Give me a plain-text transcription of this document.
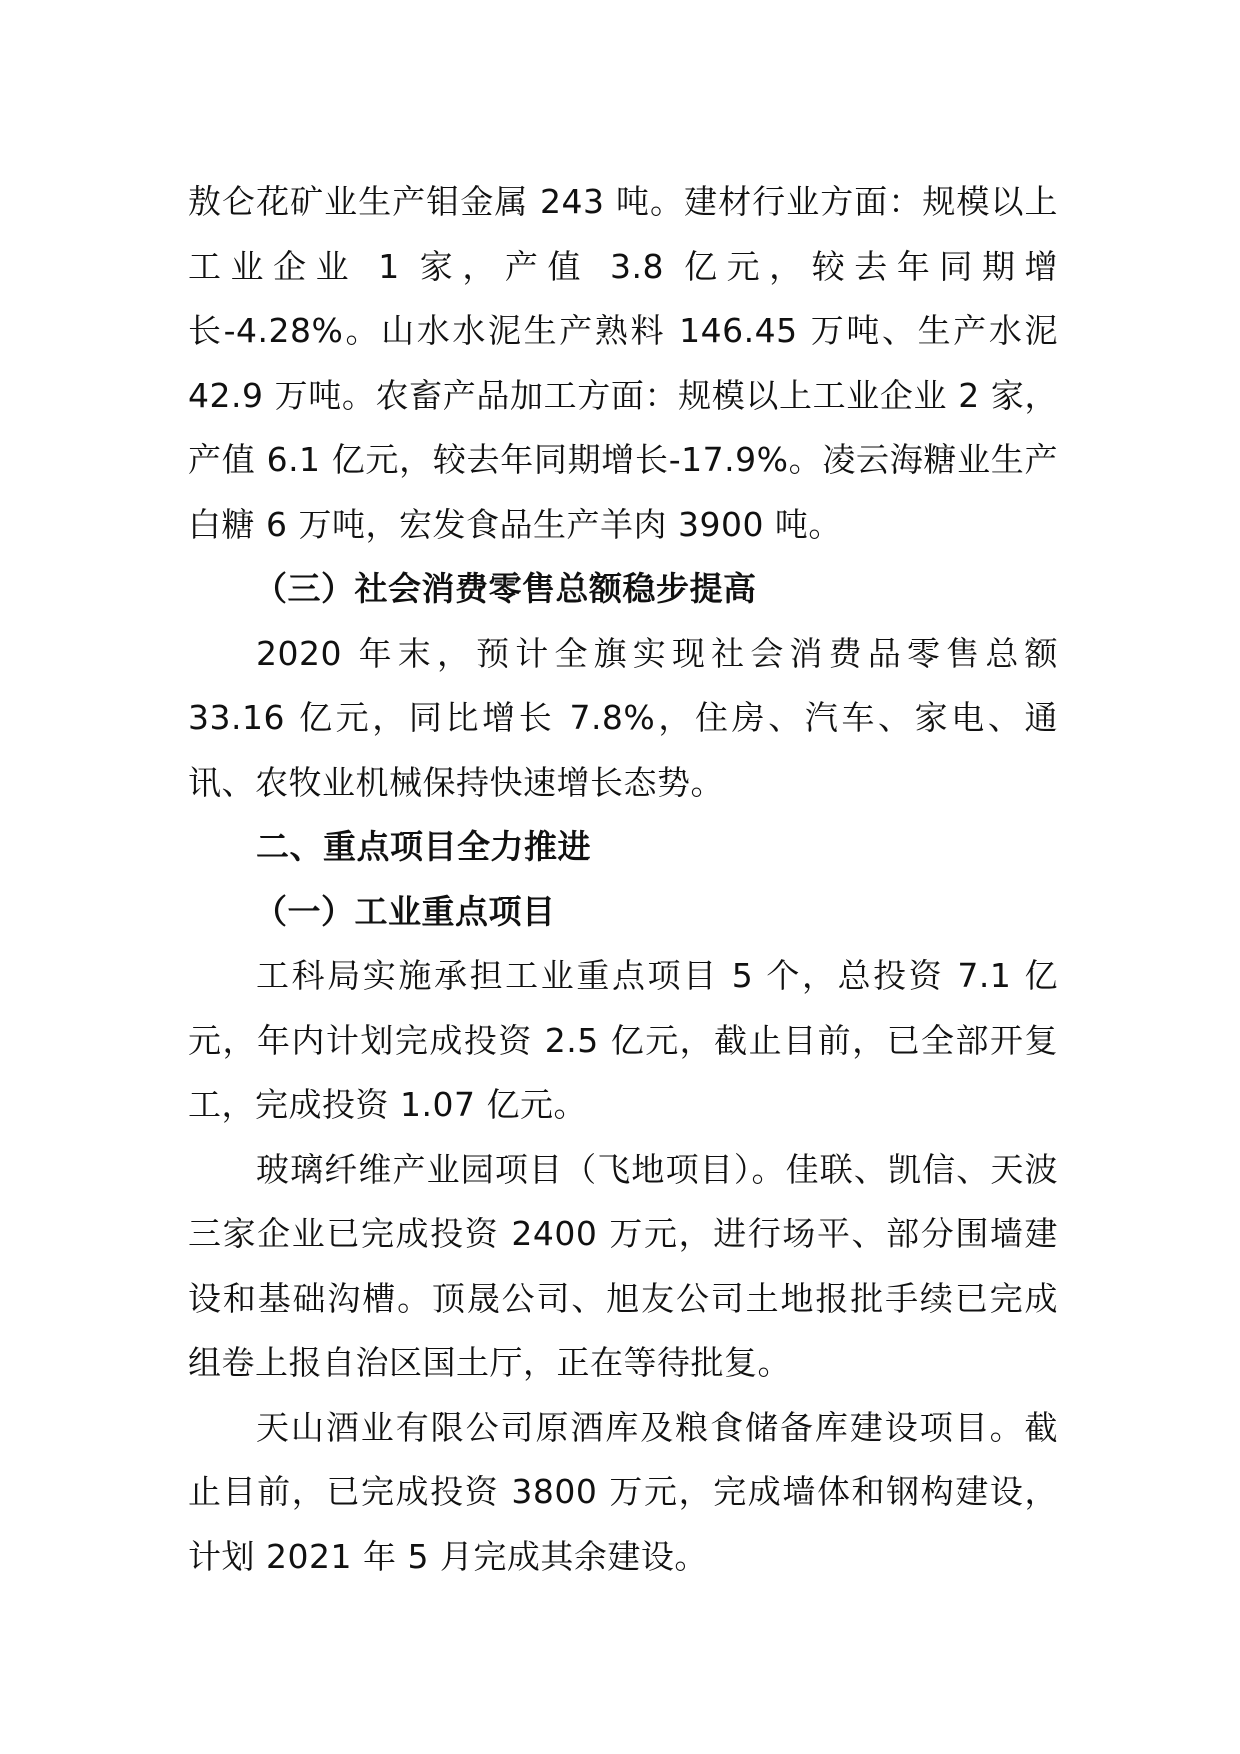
敖仑花矿业生产钼金属 243 吨。建材行业方面：规模以上工业企业 1 家，产值 3.8 亿元，较去年同期增长-4.28%。山水水泥生产熟料 146.45 万吨、生产水泥 42.9 万吨。农畜产品加工方面：规模以上工业企业 2 家，产值 6.1 亿元，较去年同期增长-17.9%。凌云海糖业生产白糖 6 万吨，宏发食品生产羊肉 3900 吨。

（三）社会消费零售总额稳步提高

2020 年末，预计全旗实现社会消费品零售总额 33.16 亿元，同比增长 7.8%，住房、汽车、家电、通讯、农牧业机械保持快速增长态势。

二、重点项目全力推进

（一）工业重点项目

工科局实施承担工业重点项目 5 个，总投资 7.1 亿元，年内计划完成投资 2.5 亿元，截止目前，已全部开复工，完成投资 1.07 亿元。

玻璃纤维产业园项目（飞地项目）。佳联、凯信、天波三家企业已完成投资 2400 万元，进行场平、部分围墙建设和基础沟槽。顶晟公司、旭友公司土地报批手续已完成组卷上报自治区国土厅，正在等待批复。

天山酒业有限公司原酒库及粮食储备库建设项目。截止目前，已完成投资 3800 万元，完成墙体和钢构建设，计划 2021 年 5 月完成其余建设。
